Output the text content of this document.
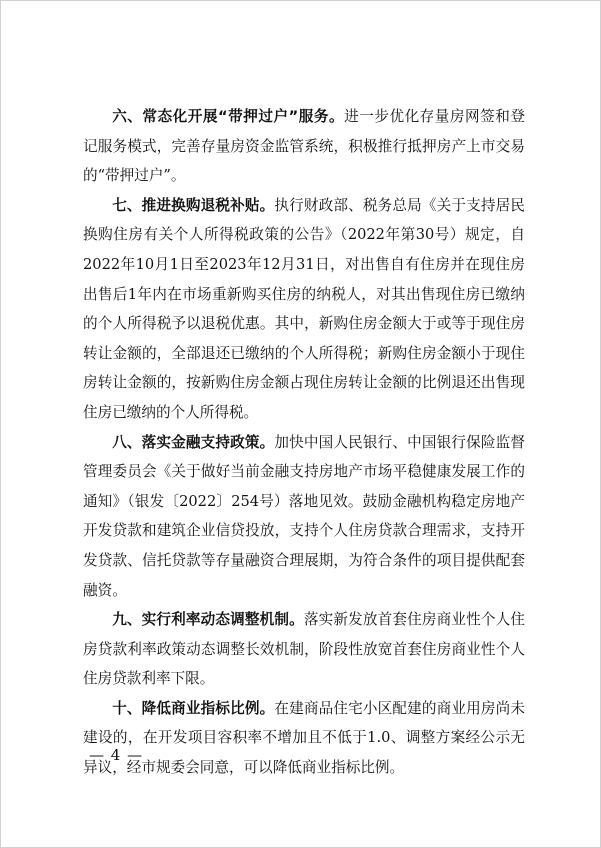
六、常态化开展“带押过户”服务。进一步优化存量房网签和登记服务模式，完善存量房资金监管系统，积极推行抵押房产上市交易的“带押过户”。

七、推进换购退税补贴。执行财政部、税务总局《关于支持居民换购住房有关个人所得税政策的公告》（2022年第30号）规定，自2022年10月1日至2023年12月31日，对出售自有住房并在现住房出售后1年内在市场重新购买住房的纳税人，对其出售现住房已缴纳的个人所得税予以退税优惠。其中，新购住房金额大于或等于现住房转让金额的，全部退还已缴纳的个人所得税；新购住房金额小于现住房转让金额的，按新购住房金额占现住房转让金额的比例退还出售现住房已缴纳的个人所得税。

八、落实金融支持政策。加快中国人民银行、中国银行保险监督管理委员会《关于做好当前金融支持房地产市场平稳健康发展工作的通知》（银发〔2022〕254号）落地见效。鼓励金融机构稳定房地产开发贷款和建筑企业信贷投放，支持个人住房贷款合理需求，支持开发贷款、信托贷款等存量融资合理展期，为符合条件的项目提供配套融资。

九、实行利率动态调整机制。落实新发放首套住房商业性个人住房贷款利率政策动态调整长效机制，阶段性放宽首套住房商业性个人住房贷款利率下限。

十、降低商业指标比例。在建商品住宅小区配建的商业用房尚未建设的，在开发项目容积率不增加且不低于1.0、调整方案经公示无异议，经市规委会同意，可以降低商业指标比例。

— 4 —
